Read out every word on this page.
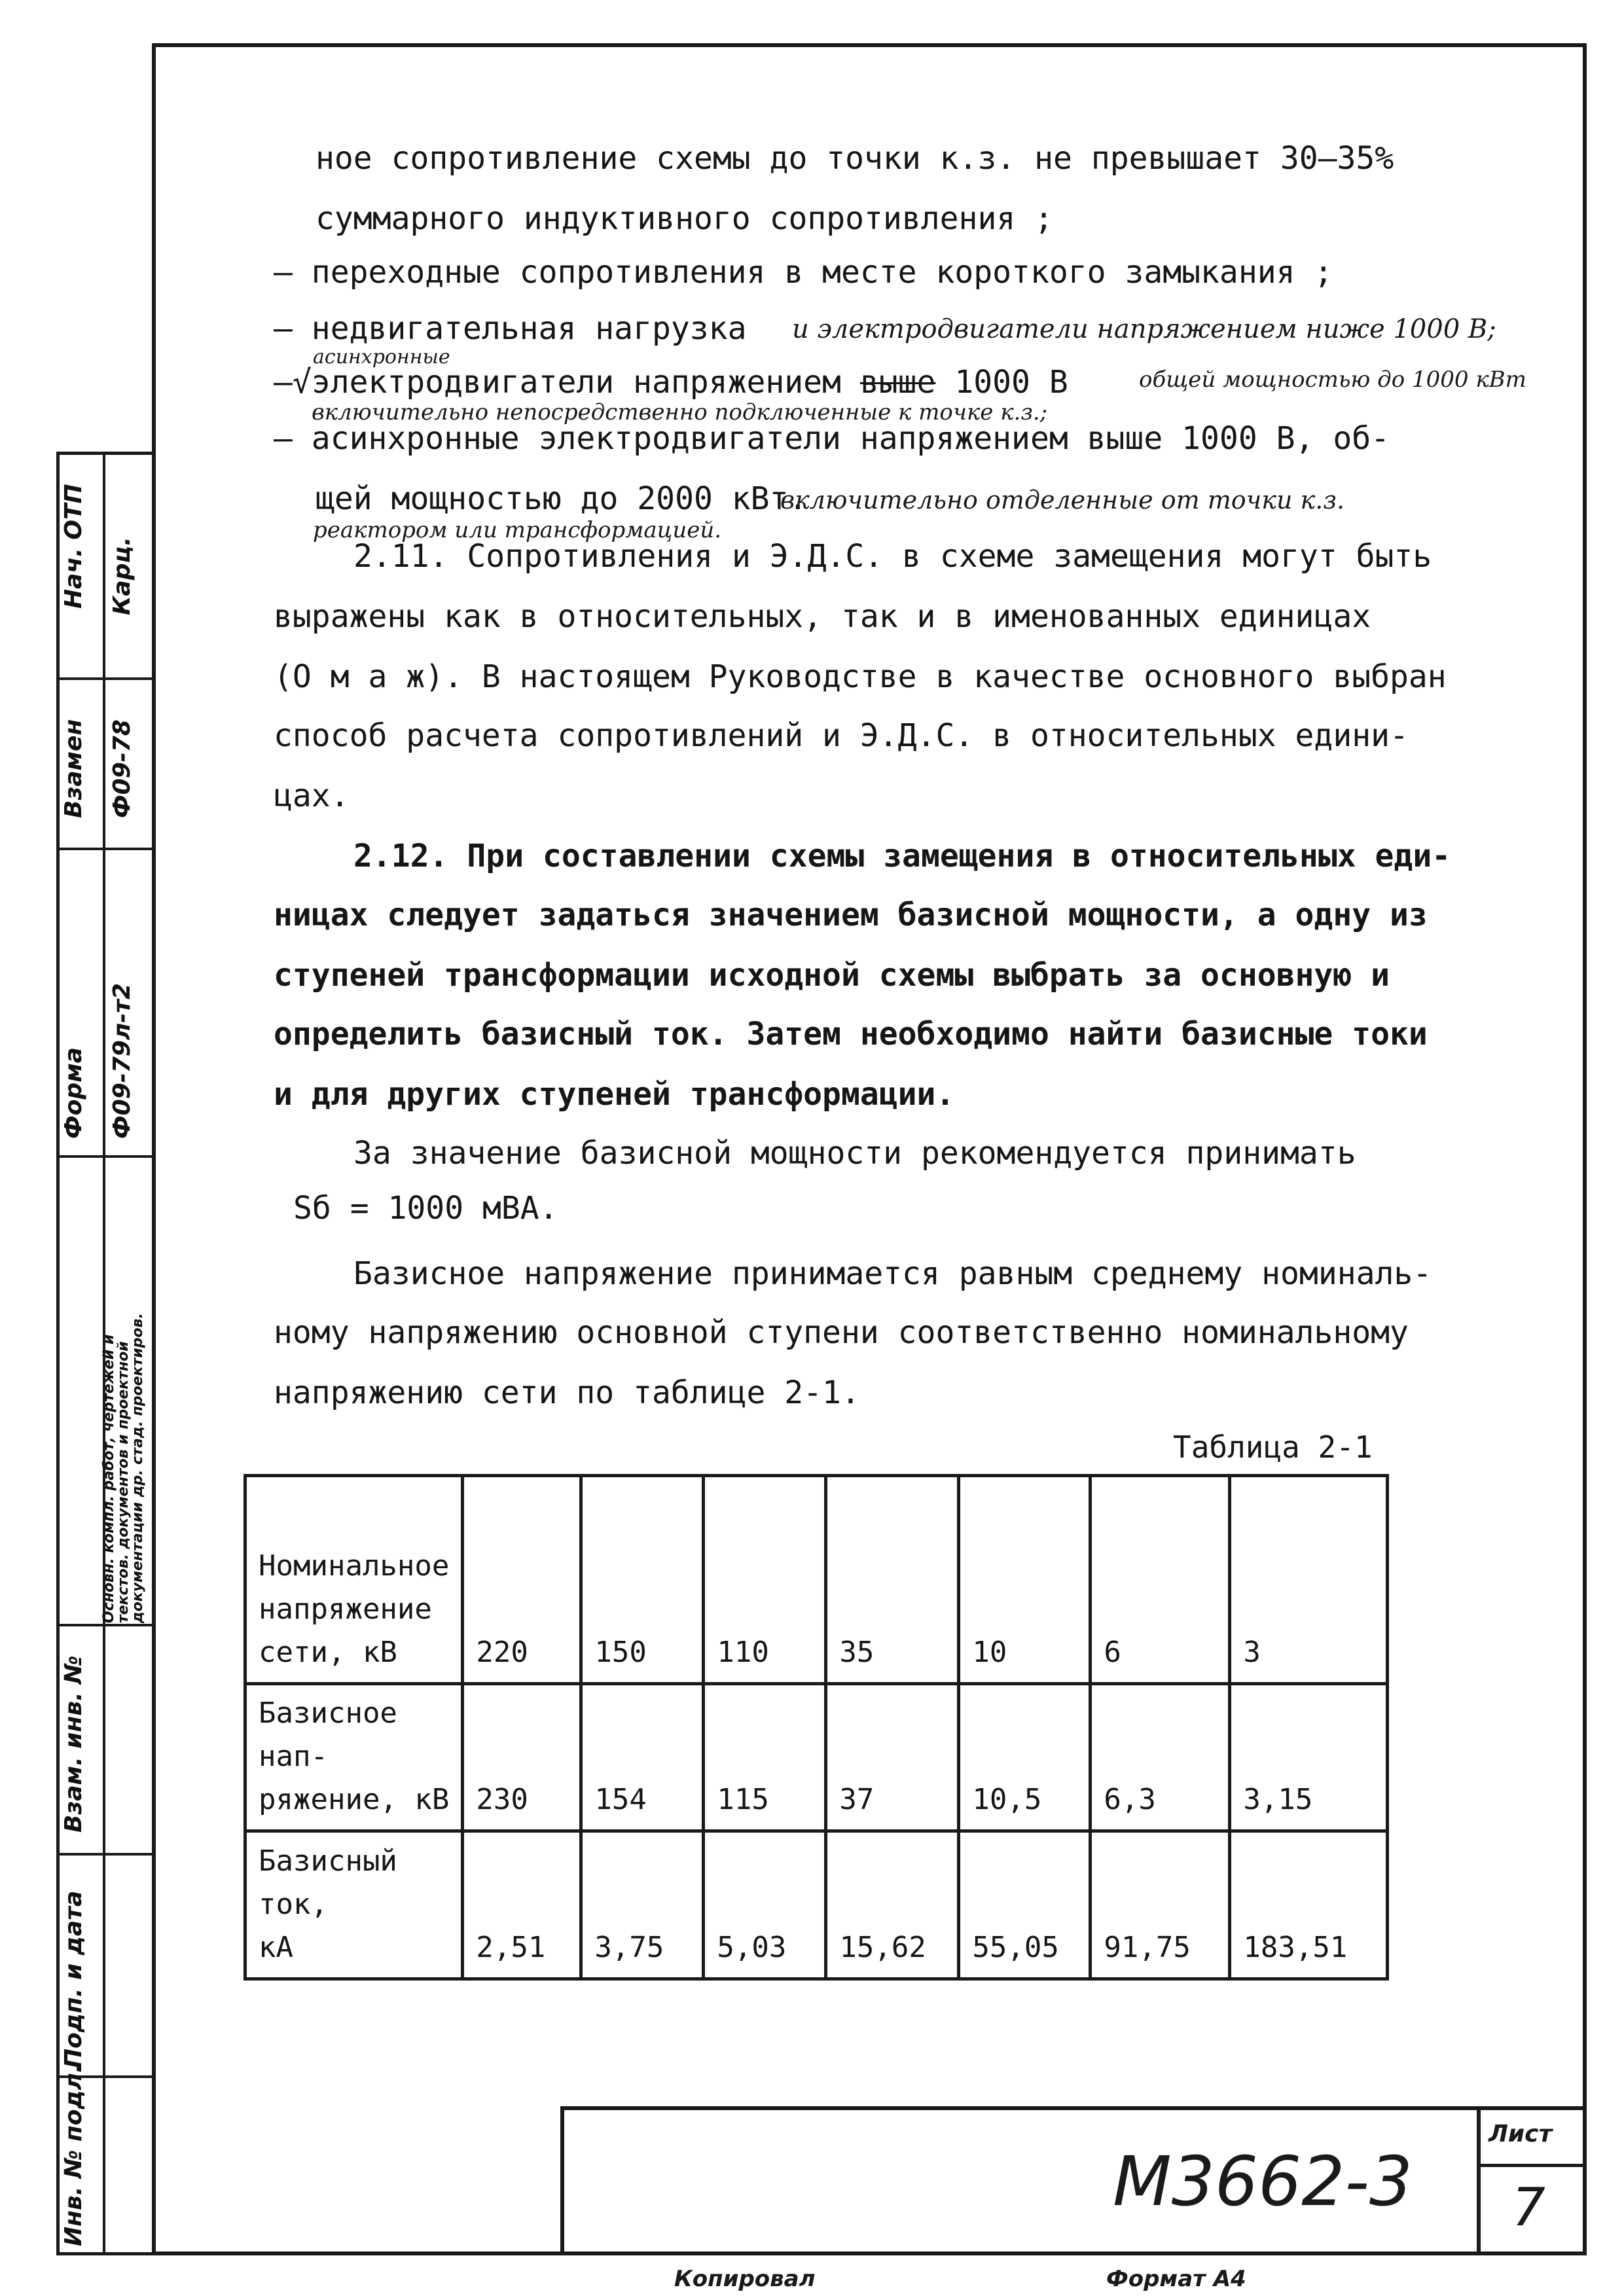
Инв. № подл.
Подп. и дата
Взам. инв. №
Основн. компл. работ, чертежей и
текстов. документов и проектной
документации др. стад. проектиров.
Форма Ф09-79л-т2
Взамен Ф09-78
Нач. ОТП Карц.
ное сопротивление схемы до точки к.з. не превышает 30–35%
суммарного индуктивного сопротивления ;
– переходные сопротивления в месте короткого замыкания ;
– недвигательная нагрузка и электродвигатели напряжением ниже 1000 В;
асинхронные
–√электродвигатели напряжением выше 1000 В	общей мощностью до 1000 кВт
включительно непосредственно подключенные к точке к.з.;
– асинхронные электродвигатели напряжением выше 1000 В, об-
щей мощностью до 2000 кВт.
включительно отделенные от точки к.з.
реактором или трансформацией.
2.11. Сопротивления и Э.Д.С. в схеме замещения могут быть
выражены как в относительных, так и в именованных единицах
(О м а ж). В настоящем Руководстве в качестве основного выбран
способ расчета сопротивлений и Э.Д.С. в относительных едини-
цах.
2.12. При составлении схемы замещения в относительных еди-
ницах следует задаться значением базисной мощности, а одну из
ступеней трансформации исходной схемы выбрать за основную и
определить базисный ток. Затем необходимо найти базисные токи
и для других ступеней трансформации.
За значение базисной мощности рекомендуется принимать
Sб = 1000 мВА.
Базисное напряжение принимается равным среднему номиналь-
ному напряжению основной ступени соответственно номинальному
напряжению сети по таблице 2-1.
Таблица 2-1
Номинальное
напряжение
сети, кВ	220	150	110	35	10	6	3
Базисное нап-
ряжение, кВ	230	154	115	37	10,5	6,3	3,15
Базисный ток,
кА	2,51	3,75	5,03	15,62	55,05	91,75	183,51
М3662-3
Лист
7
Копировал	Формат А4
